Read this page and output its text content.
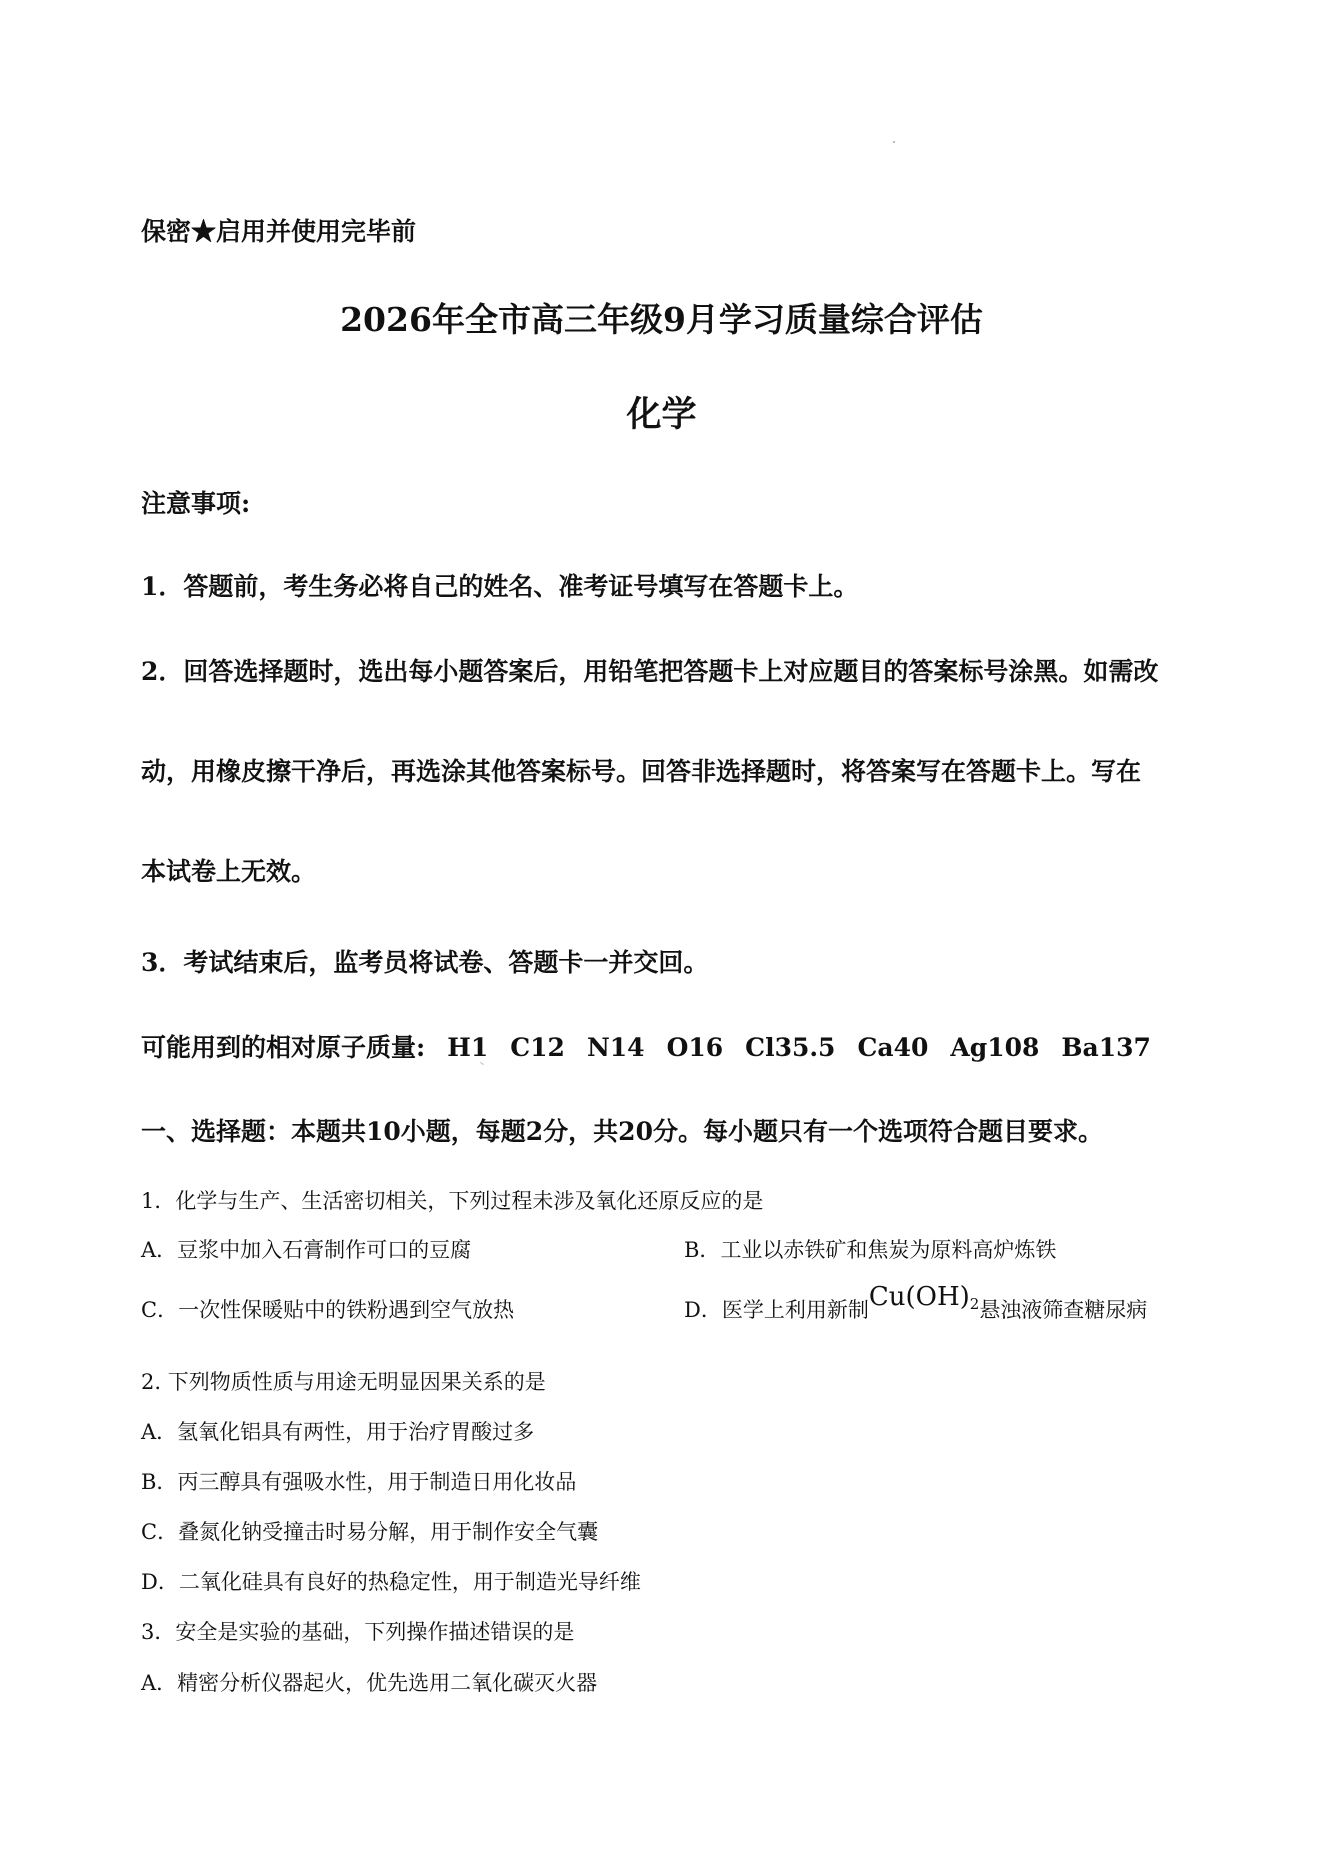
保密★启用并使用完毕前
2026年全市高三年级9月学习质量综合评估
化学
注意事项:
1．答题前，考生务必将自己的姓名、准考证号填写在答题卡上。
2．回答选择题时，选出每小题答案后，用铅笔把答题卡上对应题目的答案标号涂黑。如需改
动，用橡皮擦干净后，再选涂其他答案标号。回答非选择题时，将答案写在答题卡上。写在
本试卷上无效。
3．考试结束后，监考员将试卷、答题卡一并交回。
可能用到的相对原子质量: H1 C12 N14 O16 Cl35.5 Ca40 Ag108 Ba137
一、选择题：本题共10小题，每题2分，共20分。每小题只有一个选项符合题目要求。
1．化学与生产、生活密切相关，下列过程未涉及氧化还原反应的是
A．豆浆中加入石膏制作可口的豆腐	B．工业以赤铁矿和焦炭为原料高炉炼铁
C．一次性保暖贴中的铁粉遇到空气放热	D．医学上利用新制$Cu(OH)_2$悬浊液筛查糖尿病
2. 下列物质性质与用途无明显因果关系的是
A．氢氧化铝具有两性，用于治疗胃酸过多
B．丙三醇具有强吸水性，用于制造日用化妆品
C．叠氮化钠受撞击时易分解，用于制作安全气囊
D．二氧化硅具有良好的热稳定性，用于制造光导纤维
3．安全是实验的基础，下列操作描述错误的是
A．精密分析仪器起火，优先选用二氧化碳灭火器
